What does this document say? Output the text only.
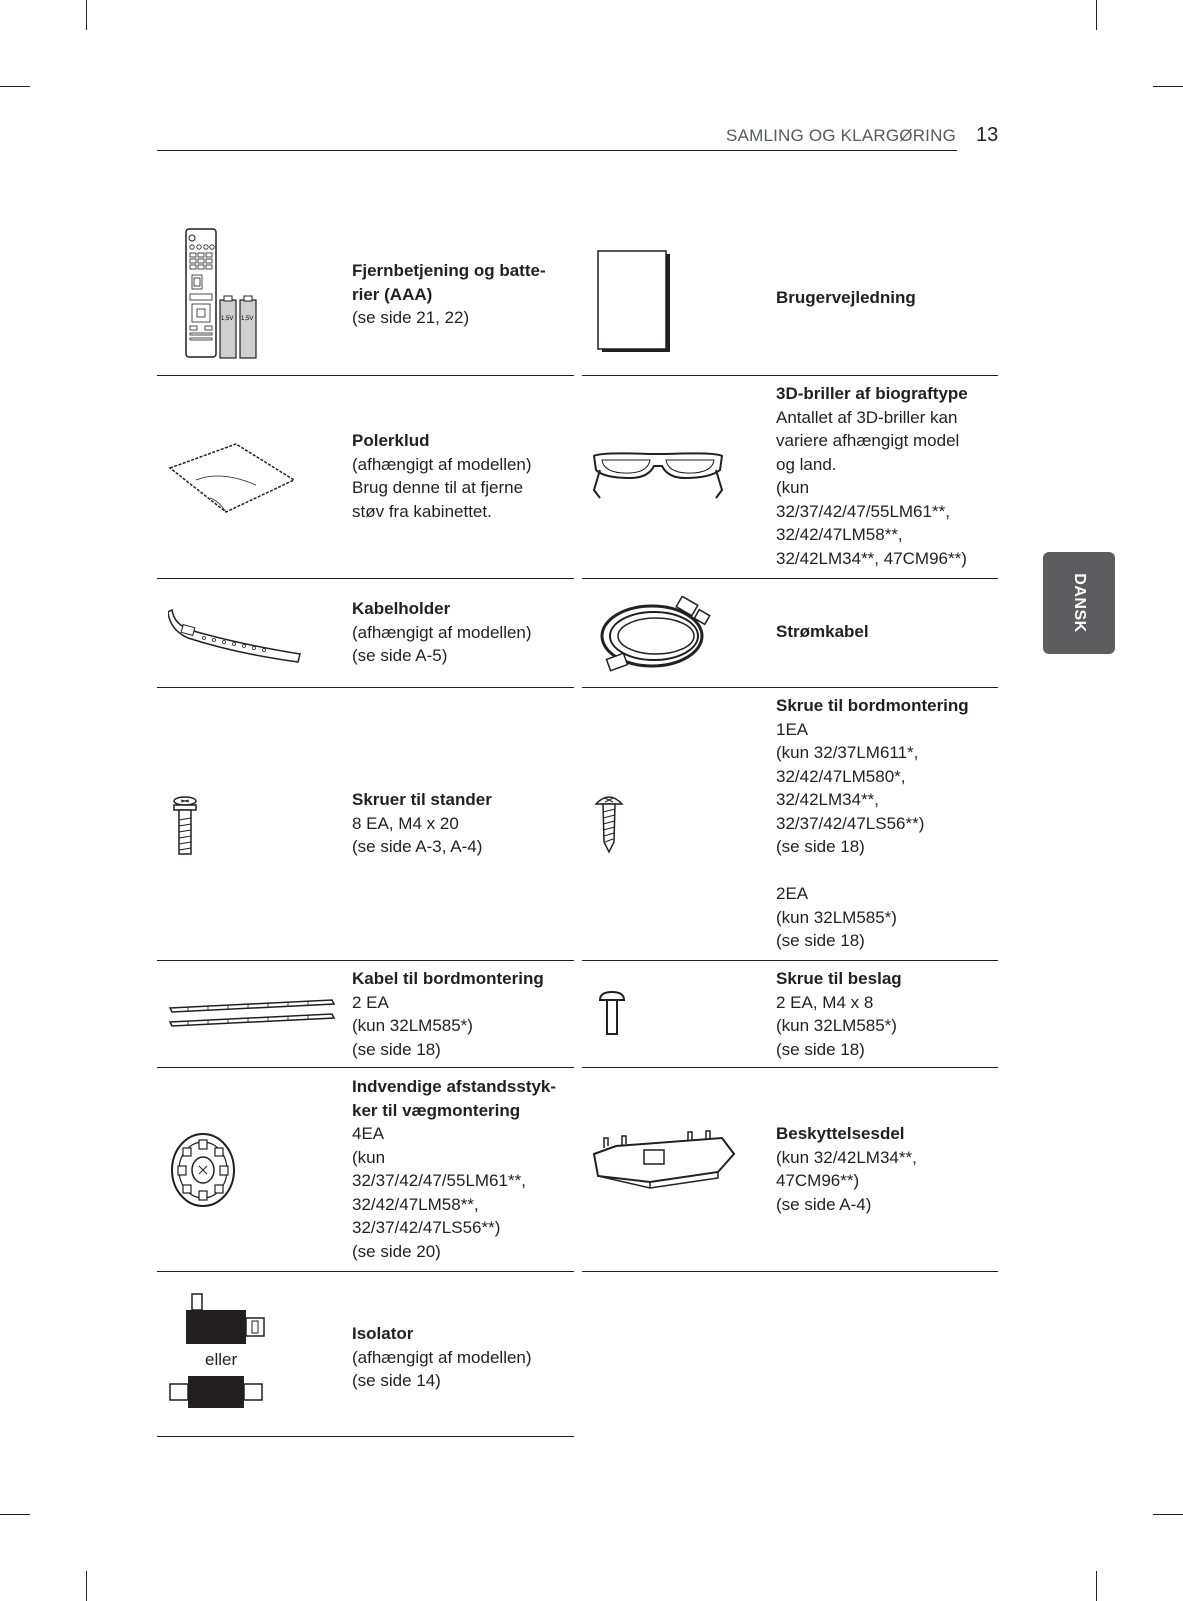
SAMLING OG KLARGØRING 13
DANSK
1,5V 1,5V
Fjernbetjening og batte-
rier (AAA)
(se side 21, 22)
Brugervejledning
Polerklud
(afhængigt af modellen)
Brug denne til at fjerne
støv fra kabinettet.
3D-briller af biograftype
Antallet af 3D-briller kan
variere afhængigt model
og land.
(kun
32/37/42/47/55LM61**,
32/42/47LM58**,
32/42LM34**, 47CM96**)
Kabelholder
(afhængigt af modellen)
(se side A-5)
Strømkabel
Skruer til stander
8 EA, M4 x 20
(se side A-3, A-4)
Skrue til bordmontering
1EA
(kun 32/37LM611*,
32/42/47LM580*,
32/42LM34**,
32/37/42/47LS56**)
(se side 18)

2EA
(kun 32LM585*)
(se side 18)
Kabel til bordmontering
2 EA
(kun 32LM585*)
(se side 18)
Skrue til beslag
2 EA, M4 x 8
(kun 32LM585*)
(se side 18)
Indvendige afstandsstyk-
ker til vægmontering
4EA
(kun
32/37/42/47/55LM61**,
32/42/47LM58**,
32/37/42/47LS56**)
(se side 20)
Beskyttelsesdel
(kun 32/42LM34**,
47CM96**)
(se side A-4)
eller
Isolator
(afhængigt af modellen)
(se side 14)
